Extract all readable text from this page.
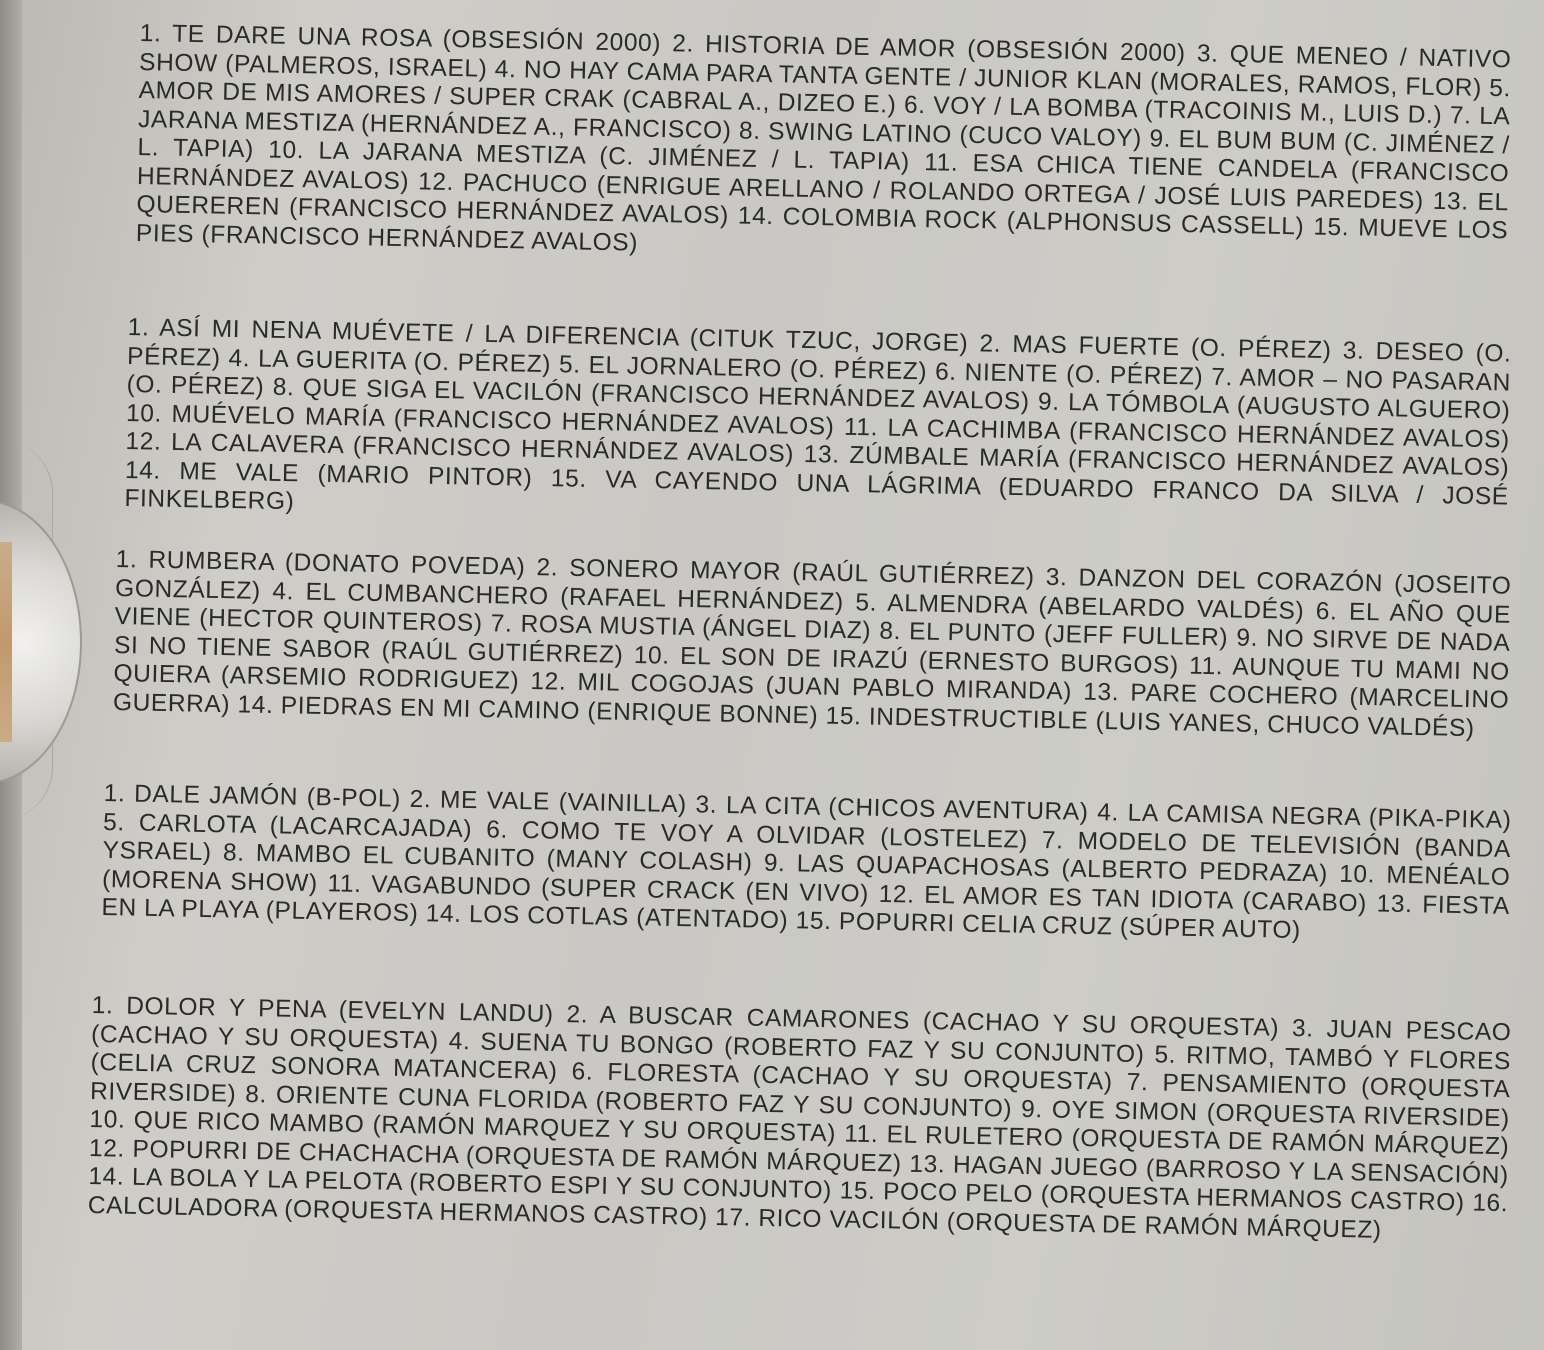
1. TE DARE UNA ROSA (OBSESIÓN 2000) 2. HISTORIA DE AMOR (OBSESIÓN 2000) 3. QUE MENEO / NATIVO SHOW (PALMEROS, ISRAEL) 4. NO HAY CAMA PARA TANTA GENTE / JUNIOR KLAN (MORALES, RAMOS, FLOR) 5. AMOR DE MIS AMORES / SUPER CRAK (CABRAL A., DIZEO E.) 6. VOY / LA BOMBA (TRACOINIS M., LUIS D.) 7. LA JARANA MESTIZA (HERNÁNDEZ A., FRANCISCO) 8. SWING LATINO (CUCO VALOY) 9. EL BUM BUM (C. JIMÉNEZ / L. TAPIA) 10. LA JARANA MESTIZA (C. JIMÉNEZ / L. TAPIA) 11. ESA CHICA TIENE CANDELA (FRANCISCO HERNÁNDEZ AVALOS) 12. PACHUCO (ENRIGUE ARELLANO / ROLANDO ORTEGA / JOSÉ LUIS PAREDES) 13. EL QUEREREN (FRANCISCO HERNÁNDEZ AVALOS) 14. COLOMBIA ROCK (ALPHONSUS CASSELL) 15. MUEVE LOS PIES (FRANCISCO HERNÁNDEZ AVALOS)

1. ASÍ MI NENA MUÉVETE / LA DIFERENCIA (CITUK TZUC, JORGE) 2. MAS FUERTE (O. PÉREZ) 3. DESEO (O. PÉREZ) 4. LA GUERITA (O. PÉREZ) 5. EL JORNALERO (O. PÉREZ) 6. NIENTE (O. PÉREZ) 7. AMOR – NO PASARAN (O. PÉREZ) 8. QUE SIGA EL VACILÓN (FRANCISCO HERNÁNDEZ AVALOS) 9. LA TÓMBOLA (AUGUSTO ALGUERO) 10. MUÉVELO MARÍA (FRANCISCO HERNÁNDEZ AVALOS) 11. LA CACHIMBA (FRANCISCO HERNÁNDEZ AVALOS) 12. LA CALAVERA (FRANCISCO HERNÁNDEZ AVALOS) 13. ZÚMBALE MARÍA (FRANCISCO HERNÁNDEZ AVALOS) 14. ME VALE (MARIO PINTOR) 15. VA CAYENDO UNA LÁGRIMA (EDUARDO FRANCO DA SILVA / JOSÉ FINKELBERG)

1. RUMBERA (DONATO POVEDA) 2. SONERO MAYOR (RAÚL GUTIÉRREZ) 3. DANZON DEL CORAZÓN (JOSEITO GONZÁLEZ) 4. EL CUMBANCHERO (RAFAEL HERNÁNDEZ) 5. ALMENDRA (ABELARDO VALDÉS) 6. EL AÑO QUE VIENE (HECTOR QUINTEROS) 7. ROSA MUSTIA (ÁNGEL DIAZ) 8. EL PUNTO (JEFF FULLER) 9. NO SIRVE DE NADA SI NO TIENE SABOR (RAÚL GUTIÉRREZ) 10. EL SON DE IRAZÚ (ERNESTO BURGOS) 11. AUNQUE TU MAMI NO QUIERA (ARSEMIO RODRIGUEZ) 12. MIL COGOJAS (JUAN PABLO MIRANDA) 13. PARE COCHERO (MARCELINO GUERRA) 14. PIEDRAS EN MI CAMINO (ENRIQUE BONNE) 15. INDESTRUCTIBLE (LUIS YANES, CHUCO VALDÉS)

1. DALE JAMÓN (B-POL) 2. ME VALE (VAINILLA) 3. LA CITA (CHICOS AVENTURA) 4. LA CAMISA NEGRA (PIKA-PIKA) 5. CARLOTA (LACARCAJADA) 6. COMO TE VOY A OLVIDAR (LOSTELEZ) 7. MODELO DE TELEVISIÓN (BANDA YSRAEL) 8. MAMBO EL CUBANITO (MANY COLASH) 9. LAS QUAPACHOSAS (ALBERTO PEDRAZA) 10. MENÉALO (MORENA SHOW) 11. VAGABUNDO (SUPER CRACK (EN VIVO) 12. EL AMOR ES TAN IDIOTA (CARABO) 13. FIESTA EN LA PLAYA (PLAYEROS) 14. LOS COTLAS (ATENTADO) 15. POPURRI CELIA CRUZ (SÚPER AUTO)

1. DOLOR Y PENA (EVELYN LANDU) 2. A BUSCAR CAMARONES (CACHAO Y SU ORQUESTA) 3. JUAN PESCAO (CACHAO Y SU ORQUESTA) 4. SUENA TU BONGO (ROBERTO FAZ Y SU CONJUNTO) 5. RITMO, TAMBÓ Y FLORES (CELIA CRUZ SONORA MATANCERA) 6. FLORESTA (CACHAO Y SU ORQUESTA) 7. PENSAMIENTO (ORQUESTA RIVERSIDE) 8. ORIENTE CUNA FLORIDA (ROBERTO FAZ Y SU CONJUNTO) 9. OYE SIMON (ORQUESTA RIVERSIDE) 10. QUE RICO MAMBO (RAMÓN MARQUEZ Y SU ORQUESTA) 11. EL RULETERO (ORQUESTA DE RAMÓN MÁRQUEZ) 12. POPURRI DE CHACHACHA (ORQUESTA DE RAMÓN MÁRQUEZ) 13. HAGAN JUEGO (BARROSO Y LA SENSACIÓN) 14. LA BOLA Y LA PELOTA (ROBERTO ESPI Y SU CONJUNTO) 15. POCO PELO (ORQUESTA HERMANOS CASTRO) 16. CALCULADORA (ORQUESTA HERMANOS CASTRO) 17. RICO VACILÓN (ORQUESTA DE RAMÓN MÁRQUEZ)
